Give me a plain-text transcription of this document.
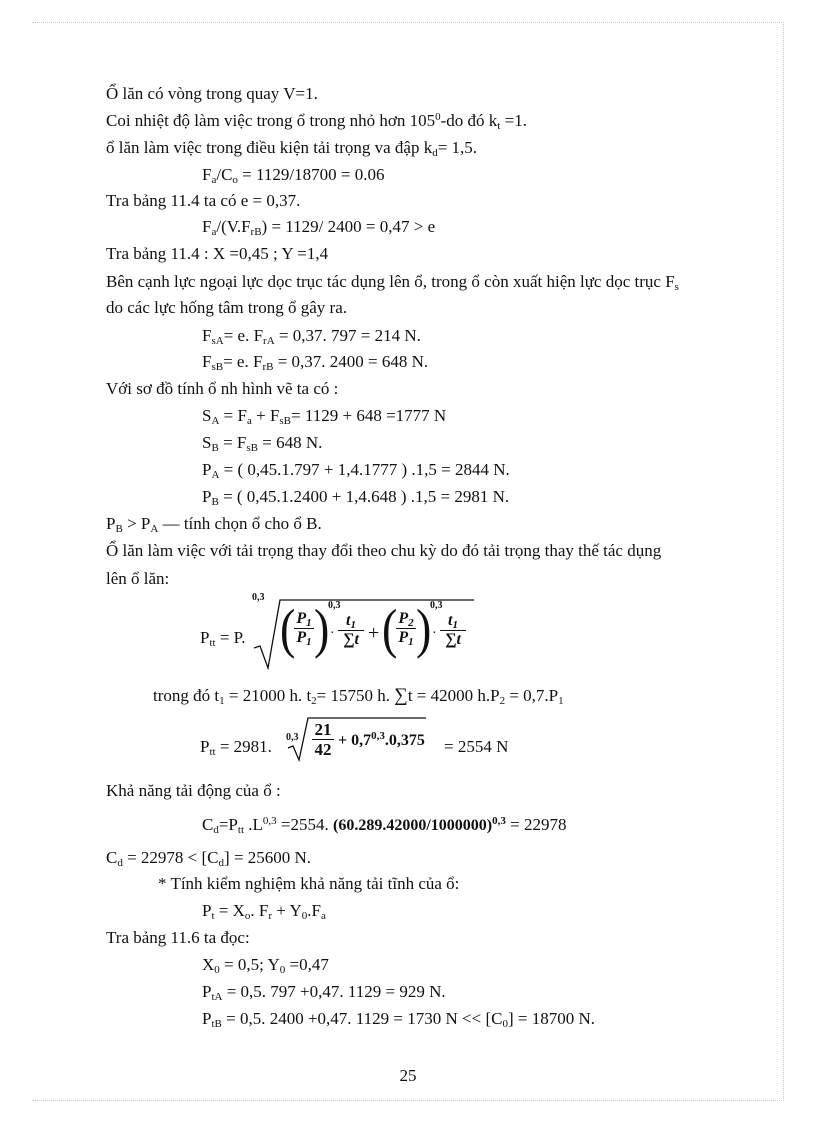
Ổ lăn có vòng trong quay V=1.
Coi nhiệt độ làm việc trong ổ trong nhỏ hơn $105^0-do$ đó $k_t =1$.
ổ lăn làm việc trong điều kiện tải trọng va đập $k_d= 1,5$.
$F_a/C_o = 1129/18700 = 0.06$
Tra bảng 11.4 ta có e = 0,37.
$F_a/(V.F_{rB}) = 1129/$ 2400 = 0,47 > e
Tra bảng 11.4 : X =0,45 ; Y =1,4
Bên cạnh lực ngoại lực dọc trục tác dụng lên ổ, trong ổ còn xuất hiện lực dọc trục $F_s$
do các lực hống tâm trong ổ gây ra.
$F_{sA}= e$. $F_{rA} = 0,37$. 797 = 214 N.
$F_{sB}= e$. $F_{rB} = 0,37$. 2400 = 648 N.
Với sơ đồ tính ổ nh hình vẽ ta có :
$S_A = F_a + F_{sB}= 1129 + 648 =1777$ N
$S_B = F_{sB} = 648$ N.
$P_A$ = ( 0,45.1.797 + 1,4.1777 ) .1,5 = 2844 N.
$P_B$ = ( 0,45.1.2400 + 1,4.648 ) .1,5 = 2981 N.
$P_B > P_A$ — tính chọn ổ cho ổ B.
Ổ lăn làm việc với tải trọng thay đổi theo chu kỳ do đó tải trọng thay thế tác dụng
lên ổ lăn:
$P_{tt} = P$.
0,3
( $P_1$
$P_1$ )
0,3
·
$t_1$
∑t + ( $P_2$
$P_1$ )
0,3
·
$t_1$
∑t
trong đó $t_1 = 21000$ h. $t_2= 15750$ h. ∑t = 42000 $h.P_2 = 0,7.P_1$
$P_{tt} = 2981$. 0,3 21
$42 + 0,7^{0,3}.0,375 = 2554$ N
Khả năng tải động của ổ :
$C_d=P_{tt}$ $.L^{0,3} =2554$. $(60.289.42000/1000000)^{0,3} = 22978$
$C_d = 22978 < [C_d] = 25600$ N.
* Tính kiểm nghiệm khả năng tải tĩnh của ổ:
$P_t = X_o$. $F_r + Y_0.F_a$
Tra bảng 11.6 ta đọc:
$X_0 = 0,5$; $Y_0 =0,47$
$P_{tA} = 0,5$. 797 +0,47. 1129 = 929 N.
$P_{tB} = 0,5$. 2400 +0,47. 1129 = 1730 $N << [C_0] = 18700$ N.
25
